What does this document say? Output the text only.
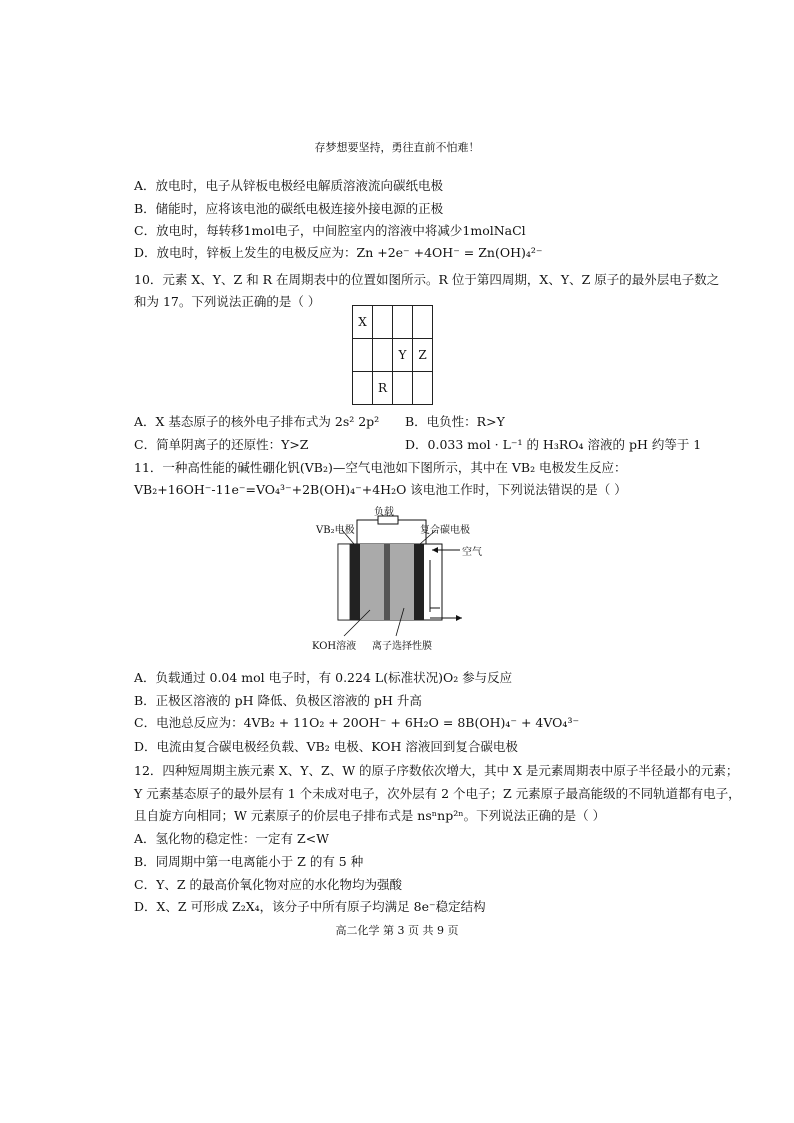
存梦想要坚持，勇往直前不怕难！
A．放电时，电子从锌板电极经电解质溶液流向碳纸电极
B．储能时，应将该电池的碳纸电极连接外接电源的正极
C．放电时，每转移1mol电子，中间腔室内的溶液中将减少1molNaCl
D．放电时，锌板上发生的电极反应为：Zn +2e⁻ +4OH⁻ = Zn(OH)₄²⁻
10．元素 X、Y、Z 和 R 在周期表中的位置如图所示。R 位于第四周期，X、Y、Z 原子的最外层电子数之
和为 17。下列说法正确的是（ ）
X			
		Y	Z
	R		
A．X 基态原子的核外电子排布式为 2s² 2p² B．电负性：R>Y
C．简单阴离子的还原性：Y>Z	D．0.033 mol · L⁻¹ 的 H₃RO₄ 溶液的 pH 约等于 1
11．一种高性能的碱性硼化钒(VB₂)—空气电池如下图所示，其中在 VB₂ 电极发生反应：
VB₂+16OH⁻-11e⁻=VO₄³⁻+2B(OH)₄⁻+4H₂O 该电池工作时，下列说法错误的是（ ）
负载
VB₂电极	复合碳电极
空气
KOH溶液 离子选择性膜
A．负载通过 0.04 mol 电子时，有 0.224 L(标准状况)O₂ 参与反应
B．正极区溶液的 pH 降低、负极区溶液的 pH 升高
C．电池总反应为：4VB₂ + 11O₂ + 20OH⁻ + 6H₂O = 8B(OH)₄⁻ + 4VO₄³⁻
D．电流由复合碳电极经负载、VB₂ 电极、KOH 溶液回到复合碳电极
12．四种短周期主族元素 X、Y、Z、W 的原子序数依次增大，其中 X 是元素周期表中原子半径最小的元素；
Y 元素基态原子的最外层有 1 个未成对电子，次外层有 2 个电子；Z 元素原子最高能级的不同轨道都有电子，
且自旋方向相同；W 元素原子的价层电子排布式是 nsⁿnp²ⁿ。下列说法正确的是（ ）
A．氢化物的稳定性：一定有 Z<W
B．同周期中第一电离能小于 Z 的有 5 种
C．Y、Z 的最高价氧化物对应的水化物均为强酸
D．X、Z 可形成 Z₂X₄，该分子中所有原子均满足 8e⁻稳定结构
高二化学 第 3 页 共 9 页
